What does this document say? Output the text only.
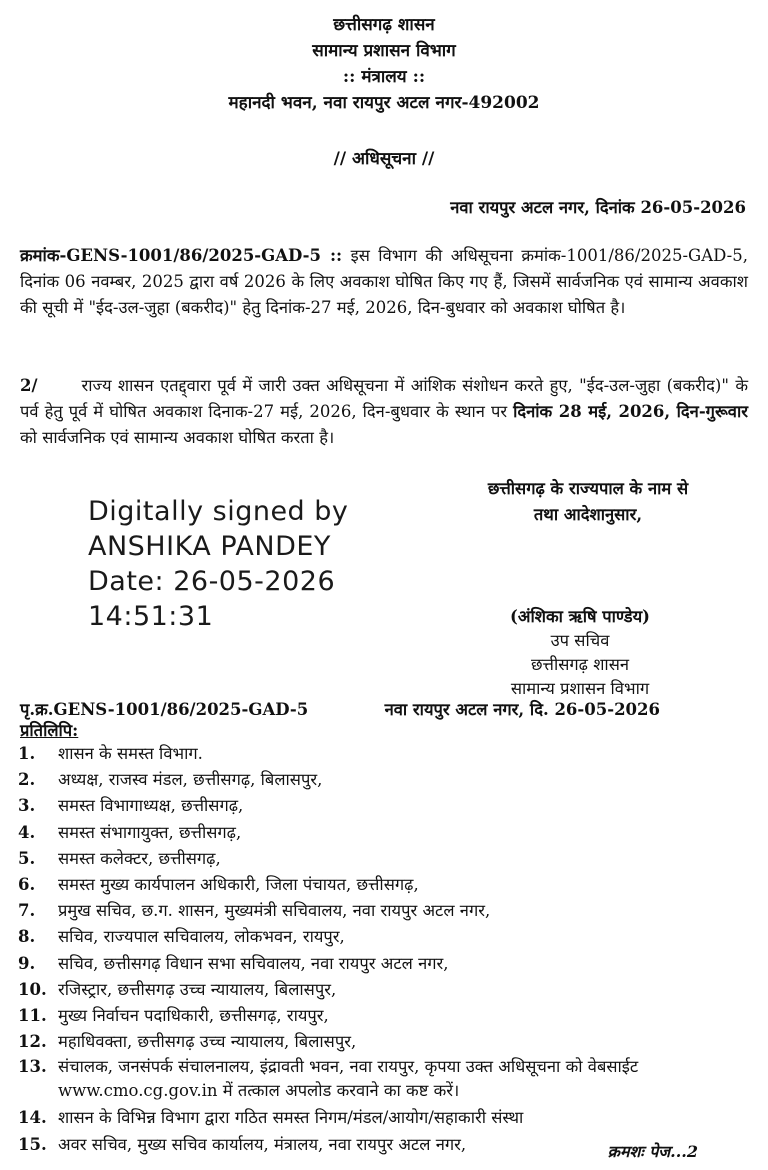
छत्तीसगढ़ शासन
सामान्य प्रशासन विभाग
:: मंत्रालय ::
महानदी भवन, नवा रायपुर अटल नगर-492002
// अधिसूचना //
नवा रायपुर अटल नगर, दिनांक 26-05-2026
क्रमांक-GENS-1001/86/2025-GAD-5 :: इस विभाग की अधिसूचना क्रमांक-1001/86/2025-GAD-5, दिनांक 06 नवम्बर, 2025 द्वारा वर्ष 2026 के लिए अवकाश घोषित किए गए हैं, जिसमें सार्वजनिक एवं सामान्य अवकाश की सूची में "ईद-उल-जुहा (बकरीद)" हेतु दिनांक-27 मई, 2026, दिन-बुधवार को अवकाश घोषित है।
2/	राज्य शासन एतद्द्वारा पूर्व में जारी उक्त अधिसूचना में आंशिक संशोधन करते हुए, "ईद-उल-जुहा (बकरीद)" के पर्व हेतु पूर्व में घोषित अवकाश दिनाक-27 मई, 2026, दिन-बुधवार के स्थान पर दिनांक 28 मई, 2026, दिन-गुरूवार को सार्वजनिक एवं सामान्य अवकाश घोषित करता है।
छत्तीसगढ़ के राज्यपाल के नाम से
तथा आदेशानुसार,
Digitally signed by
ANSHIKA PANDEY
Date: 26-05-2026
14:51:31	(अंशिका ऋषि पाण्डेय)
उप सचिव
छत्तीसगढ़ शासन
सामान्य प्रशासन विभाग
पृ.क्र.GENS-1001/86/2025-GAD-5	नवा रायपुर अटल नगर, दि. 26-05-2026
प्रतिलिपि:
1. शासन के समस्त विभाग.
2. अध्यक्ष, राजस्व मंडल, छत्तीसगढ़, बिलासपुर,
3. समस्त विभागाध्यक्ष, छत्तीसगढ़,
4. समस्त संभागायुक्त, छत्तीसगढ़,
5. समस्त कलेक्टर, छत्तीसगढ़,
6. समस्त मुख्य कार्यपालन अधिकारी, जिला पंचायत, छत्तीसगढ़,
7. प्रमुख सचिव, छ.ग. शासन, मुख्यमंत्री सचिवालय, नवा रायपुर अटल नगर,
8. सचिव, राज्यपाल सचिवालय, लोकभवन, रायपुर,
9. सचिव, छत्तीसगढ़ विधान सभा सचिवालय, नवा रायपुर अटल नगर,
10. रजिस्ट्रार, छत्तीसगढ़ उच्च न्यायालय, बिलासपुर,
11. मुख्य निर्वाचन पदाधिकारी, छत्तीसगढ़, रायपुर,
12. महाधिवक्ता, छत्तीसगढ़ उच्च न्यायालय, बिलासपुर,
13. संचालक, जनसंपर्क संचालनालय, इंद्रावती भवन, नवा रायपुर, कृपया उक्त अधिसूचना को वेबसाईट www.cmo.cg.gov.in में तत्काल अपलोड करवाने का कष्ट करें।
14. शासन के विभिन्न विभाग द्वारा गठित समस्त निगम/मंडल/आयोग/सहाकारी संस्था
15. अवर सचिव, मुख्य सचिव कार्यालय, मंत्रालय, नवा रायपुर अटल नगर,	क्रमशः पेज...2
